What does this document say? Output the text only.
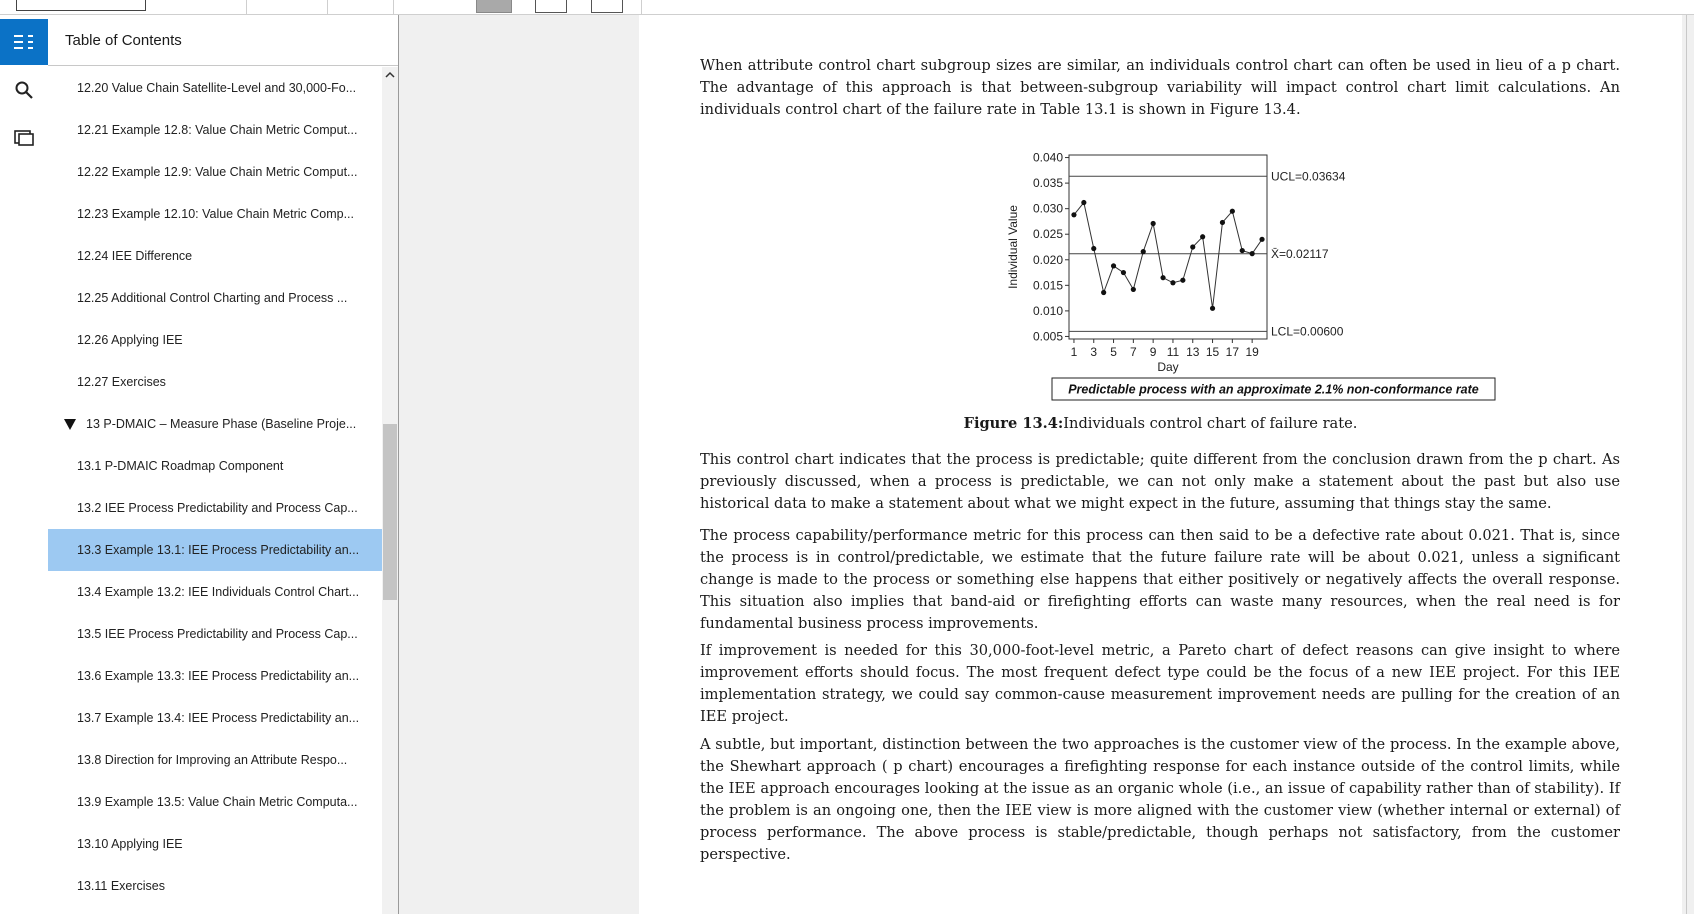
Table of Contents
12.20 Value Chain Satellite-Level and 30,000-Fo...
12.21 Example 12.8: Value Chain Metric Comput...
12.22 Example 12.9: Value Chain Metric Comput...
12.23 Example 12.10: Value Chain Metric Comp...
12.24 IEE Difference
12.25 Additional Control Charting and Process ...
12.26 Applying IEE
12.27 Exercises
13 P-DMAIC – Measure Phase (Baseline Proje...
13.1 P-DMAIC Roadmap Component
13.2 IEE Process Predictability and Process Cap...
13.3 Example 13.1: IEE Process Predictability an...
13.4 Example 13.2: IEE Individuals Control Chart...
13.5 IEE Process Predictability and Process Cap...
13.6 Example 13.3: IEE Process Predictability an...
13.7 Example 13.4: IEE Process Predictability an...
13.8 Direction for Improving an Attribute Respo...
13.9 Example 13.5: Value Chain Metric Computa...
13.10 Applying IEE
13.11 Exercises
When attribute control chart subgroup sizes are similar, an individuals control chart can often be used in lieu of a p chart. The advantage of this approach is that between-subgroup variability will impact control chart limit calculations. An individuals control chart of the failure rate in Table 13.1 is shown in Figure 13.4.
0.005
0.010
0.015
0.020
0.025
0.030
0.035
0.040
1 3 5 7 9 11 13 15 17 19
Day
Individual Value
UCL=0.03634
X̄=0.02117
LCL=0.00600
Predictable process with an approximate 2.1% non-conformance rate
Figure 13.4:Individuals control chart of failure rate.
This control chart indicates that the process is predictable; quite different from the conclusion drawn from the p chart. As previously discussed, when a process is predictable, we can not only make a statement about the past but also use historical data to make a statement about what we might expect in the future, assuming that things stay the same.
The process capability/performance metric for this process can then said to be a defective rate about 0.021. That is, since the process is in control/predictable, we estimate that the future failure rate will be about 0.021, unless a significant change is made to the process or something else happens that either positively or negatively affects the overall response. This situation also implies that band-aid or firefighting efforts can waste many resources, when the real need is for fundamental business process improvements.
If improvement is needed for this 30,000-foot-level metric, a Pareto chart of defect reasons can give insight to where improvement efforts should focus. The most frequent defect type could be the focus of a new IEE project. For this IEE implementation strategy, we could say common-cause measurement improvement needs are pulling for the creation of an IEE project.
A subtle, but important, distinction between the two approaches is the customer view of the process. In the example above, the Shewhart approach ( p chart) encourages a firefighting response for each instance outside of the control limits, while the IEE approach encourages looking at the issue as an organic whole (i.e., an issue of capability rather than of stability). If the problem is an ongoing one, then the IEE view is more aligned with the customer view (whether internal or external) of process performance. The above process is stable/predictable, though perhaps not satisfactory, from the customer perspective.
